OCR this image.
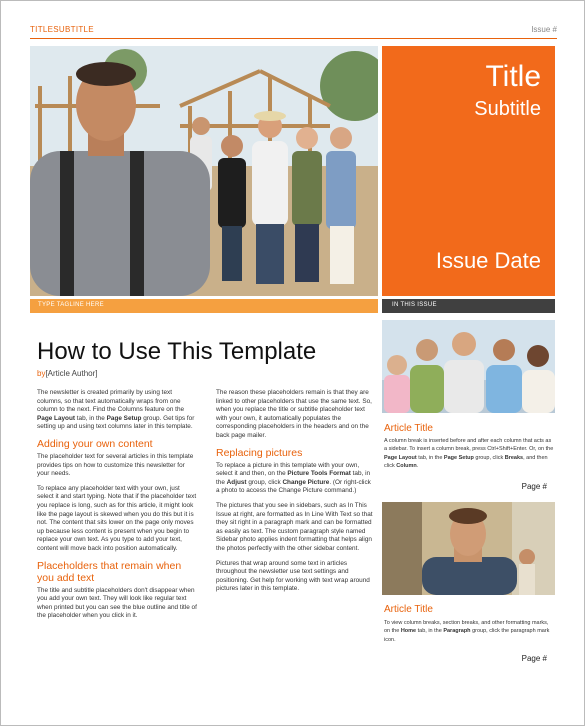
TITLESUBTITLE	Issue #
Title
Subtitle
Issue Date
TYPE TAGLINE HERE	IN THIS ISSUE
How to Use This Template
by[Article Author]

The newsletter is created primarily by using text columns, so that text automatically wraps from one column to the next. Find the Columns feature on the Page Layout tab, in the Page Setup group. Get tips for setting up and using text columns later in this template.

Adding your own content

The placeholder text for several articles in this template provides tips on how to customize this newsletter for your needs.

To replace any placeholder text with your own, just select it and start typing. Note that if the placeholder text you replace is long, such as for this article, it might look like the page layout is skewed when you do this but it is not. The content that sits lower on the page only moves up because less content is present when you begin to replace your own text. As you type to add your text, content will move back into position automatically.

Placeholders that remain when you add text

The title and subtitle placeholders don't disappear when you add your own text. They will look like regular text when printed but you can see the blue outline and title of the placeholder when you click in it.

The reason these placeholders remain is that they are linked to other placeholders that use the same text. So, when you replace the title or subtitle placeholder text with your own, it automatically populates the corresponding placeholders in the headers and on the back page mailer.

Replacing pictures

To replace a picture in this template with your own, select it and then, on the Picture Tools Format tab, in the Adjust group, click Change Picture. (Or right-click a photo to access the Change Picture command.)

The pictures that you see in sidebars, such as In This Issue at right, are formatted as In Line With Text so that they sit right in a paragraph mark and can be formatted as easily as text. The custom paragraph style named Sidebar photo applies indent formatting that helps align the photos perfectly with the other sidebar content.

Pictures that wrap around some text in articles throughout the newsletter use text settings and positioning. Get help for working with text wrap around pictures later in this template.

Article Title
A column break is inserted before and after each column that acts as a sidebar. To insert a column break, press Ctrl+Shift+Enter. Or, on the Page Layout tab, in the Page Setup group, click Breaks, and then click Column.
Page #
Article Title
To view column breaks, section breaks, and other formatting marks, on the Home tab, in the Paragraph group, click the paragraph mark icon.
Page #
